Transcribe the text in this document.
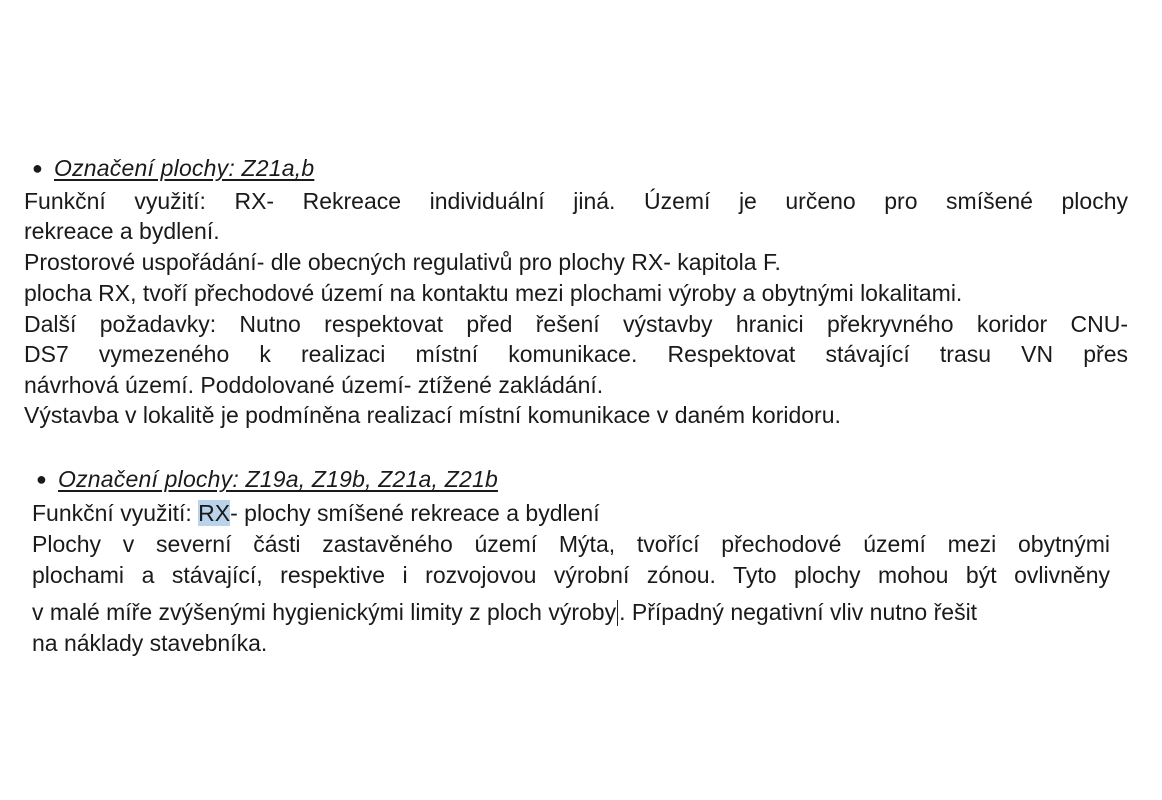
● Označení plochy: Z21a,b
Funkční využití: RX- Rekreace individuální jiná. Území je určeno pro smíšené plochy
rekreace a bydlení.
Prostorové uspořádání- dle obecných regulativů pro plochy RX- kapitola F.
plocha RX, tvoří přechodové území na kontaktu mezi plochami výroby a obytnými lokalitami.
Další požadavky: Nutno respektovat před řešení výstavby hranici překryvného koridor CNU-
DS7 vymezeného k realizaci místní komunikace. Respektovat stávající trasu VN přes
návrhová území. Poddolované území- ztížené zakládání.
Výstavba v lokalitě je podmíněna realizací místní komunikace v daném koridoru.
● Označení plochy: Z19a, Z19b, Z21a, Z21b
Funkční využití: RX- plochy smíšené rekreace a bydlení
Plochy v severní části zastavěného území Mýta, tvořící přechodové území mezi obytnými
plochami a stávající, respektive i rozvojovou výrobní zónou. Tyto plochy mohou být ovlivněny
v malé míře zvýšenými hygienickými limity z ploch výroby . Případný negativní vliv nutno řešit
na náklady stavebníka.
